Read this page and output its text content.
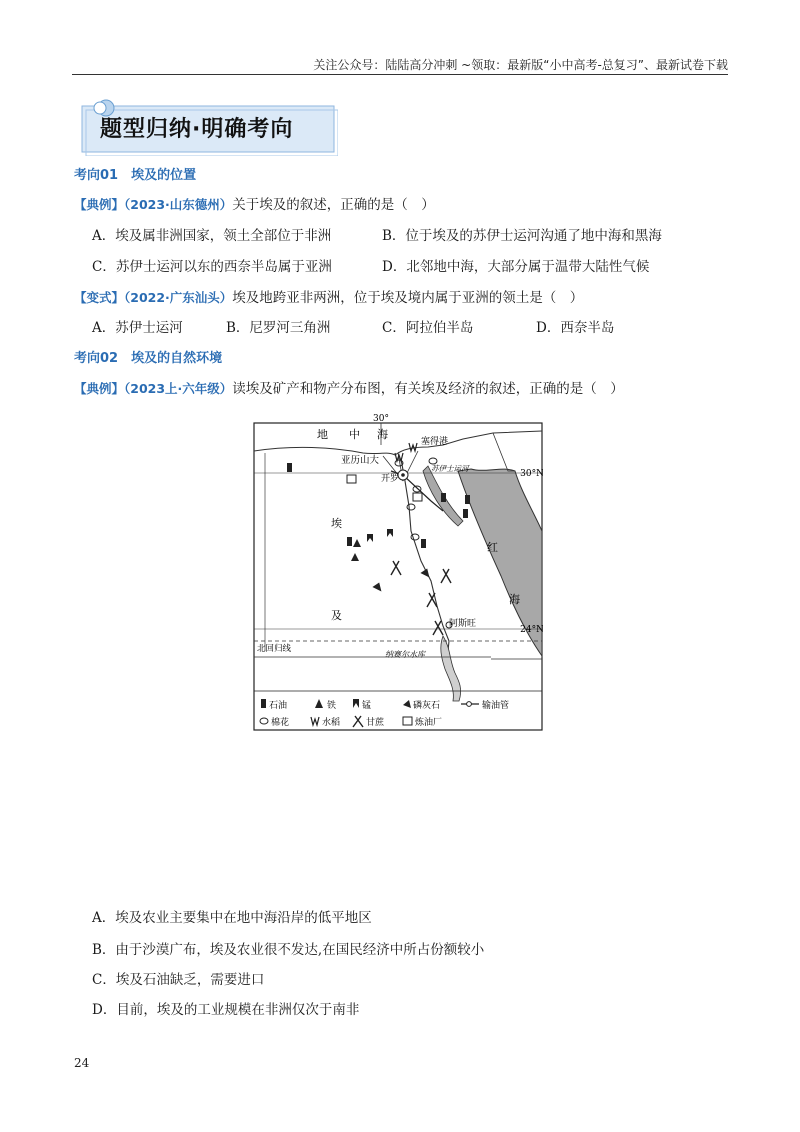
关注公众号：陆陆高分冲刺 ~领取：最新版“小中高考-总复习”、最新试卷下载
题型归纳·明确考向
考向01　埃及的位置
【典例】（2023·山东德州）关于埃及的叙述，正确的是（　）
A．埃及属非洲国家，领土全部位于非洲	B．位于埃及的苏伊士运河沟通了地中海和黑海
C．苏伊士运河以东的西奈半岛属于亚洲	D．北邻地中海，大部分属于温带大陆性气候
【变式】（2022·广东汕头）埃及地跨亚非两洲，位于埃及境内属于亚洲的领土是（　）
A．苏伊士运河	B．尼罗河三角洲	C．阿拉伯半岛	D．西奈半岛
考向02　埃及的自然环境
【典例】（2023上·六年级）读埃及矿产和物产分布图，有关埃及经济的叙述，正确的是（　）
30°
30°N
24°N
北回归线
地 中 海
红
海
埃
及
亚历山大
开罗
塞得港
苏伊士运河
阿斯旺
纳赛尔水库
石油	铁	锰	磷灰石	输油管
棉花	水稻	甘蔗	炼油厂
A．埃及农业主要集中在地中海沿岸的低平地区
B．由于沙漠广布，埃及农业很不发达,在国民经济中所占份额较小
C．埃及石油缺乏，需要进口
D．目前，埃及的工业规模在非洲仅次于南非
24
